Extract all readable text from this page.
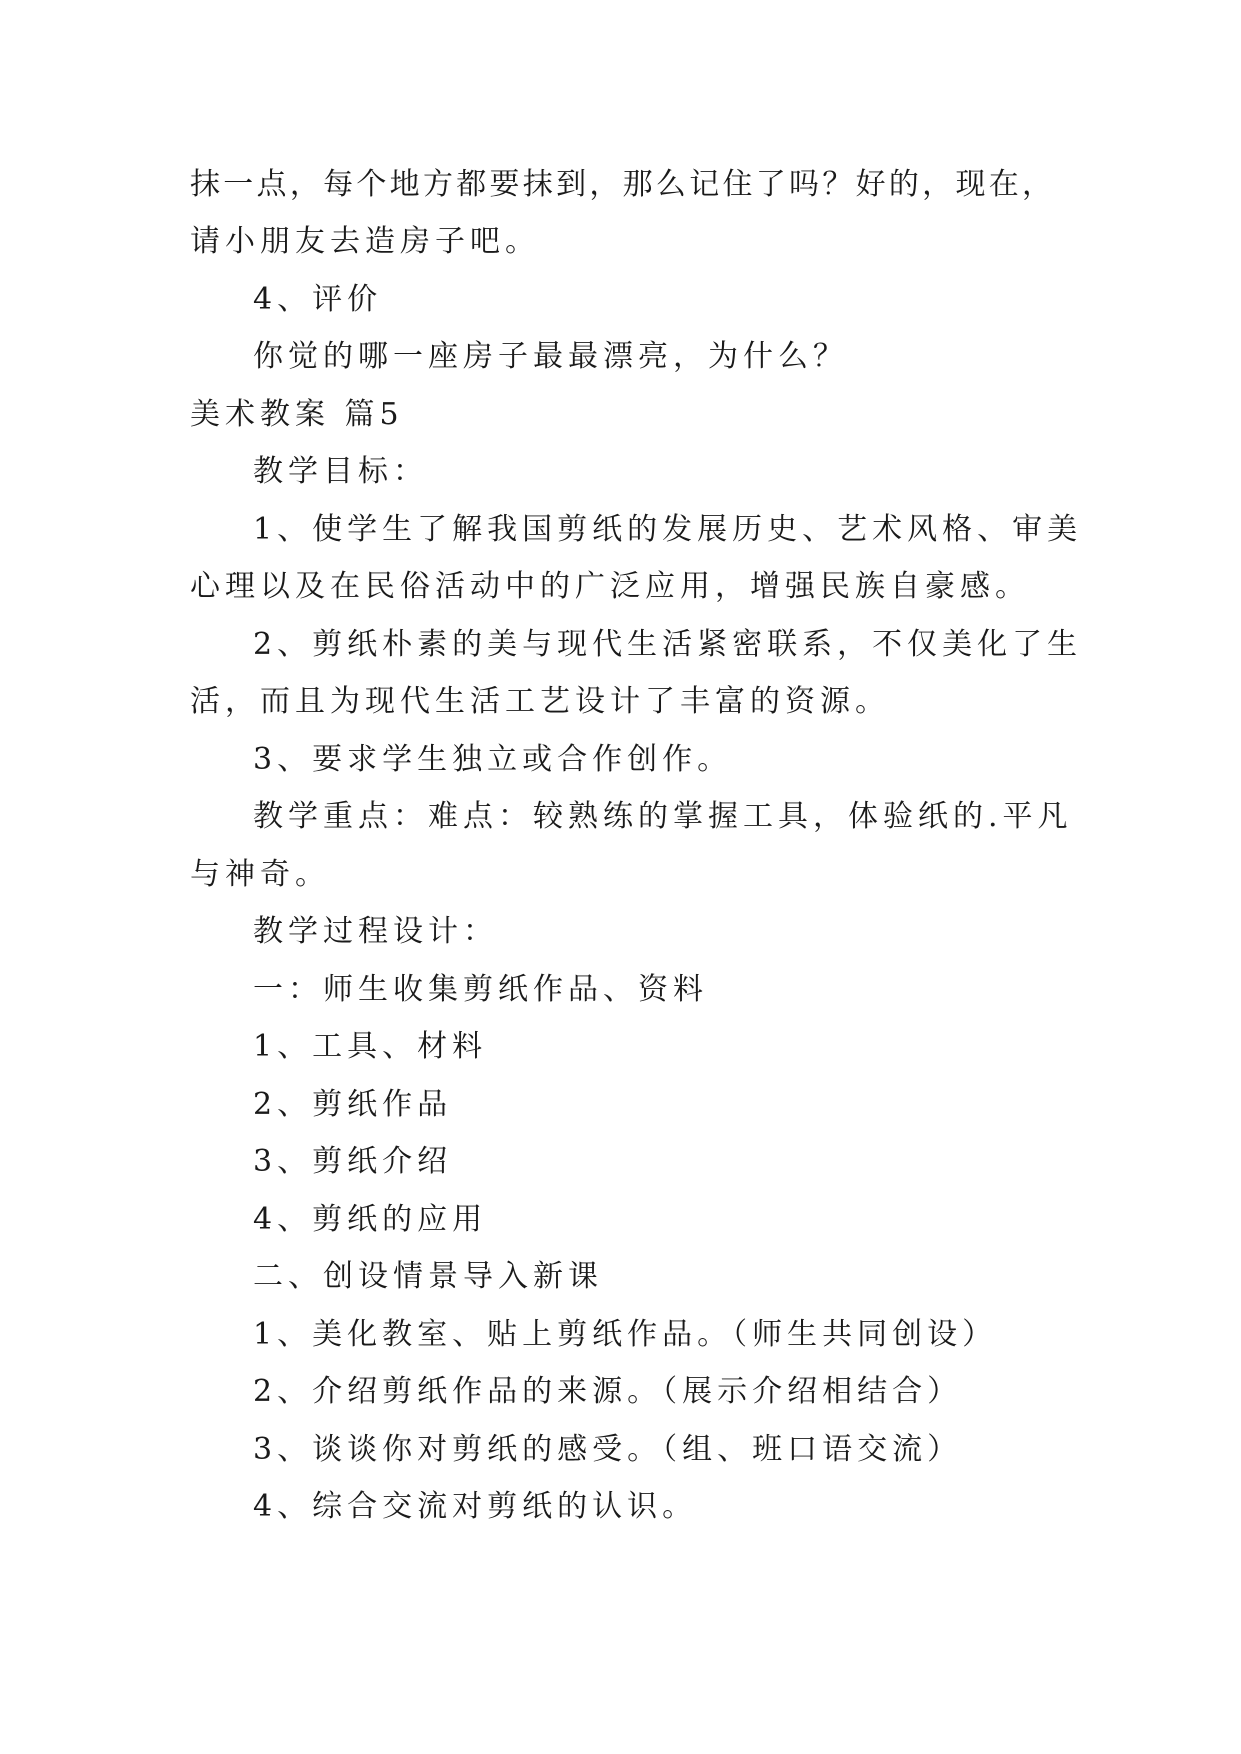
抹一点，每个地方都要抹到，那么记住了吗？好的，现在，
请小朋友去造房子吧。
4、评价
你觉的哪一座房子最最漂亮，为什么？
美术教案 篇5
教学目标：
1、使学生了解我国剪纸的发展历史、艺术风格、审美
心理以及在民俗活动中的广泛应用，增强民族自豪感。
2、剪纸朴素的美与现代生活紧密联系，不仅美化了生
活，而且为现代生活工艺设计了丰富的资源。
3、要求学生独立或合作创作。
教学重点：难点：较熟练的掌握工具，体验纸的.平凡
与神奇。
教学过程设计：
一：师生收集剪纸作品、资料
1、工具、材料
2、剪纸作品
3、剪纸介绍
4、剪纸的应用
二、创设情景导入新课
1、美化教室、贴上剪纸作品。（师生共同创设）
2、介绍剪纸作品的来源。（展示介绍相结合）
3、谈谈你对剪纸的感受。（组、班口语交流）
4、综合交流对剪纸的认识。
